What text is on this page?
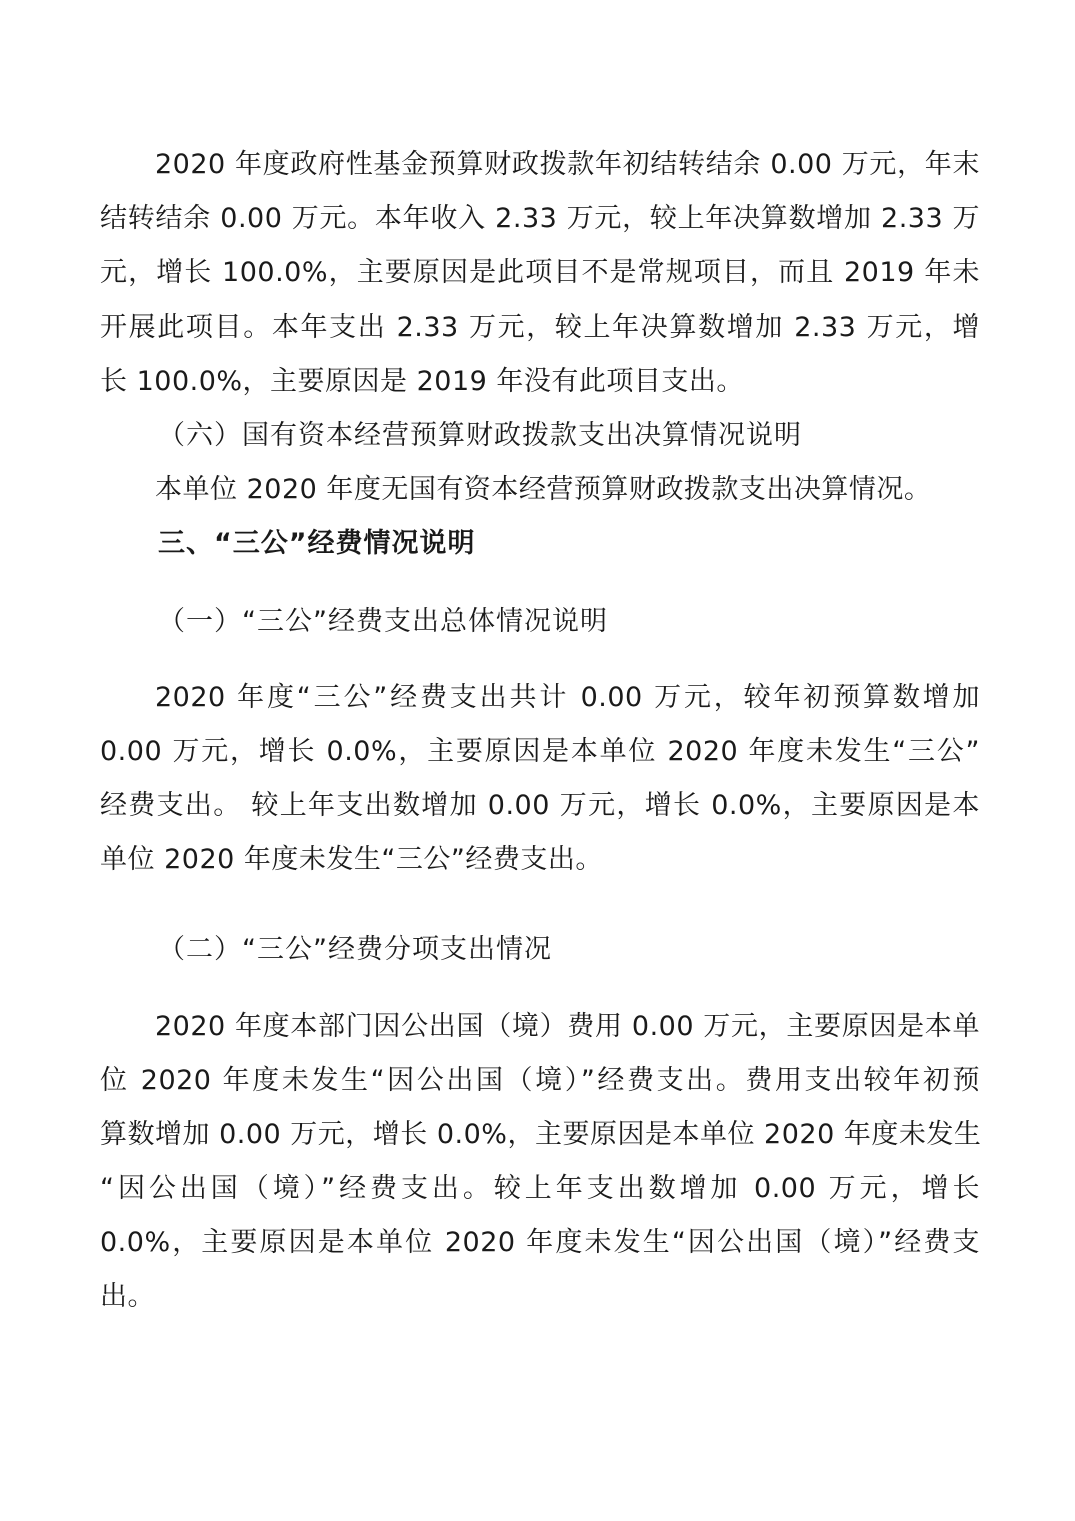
2020 年度政府性基金预算财政拨款年初结转结余 0.00 万元，年末
结转结余 0.00 万元。本年收入 2.33 万元，较上年决算数增加 2.33 万
元，增长 100.0%，主要原因是此项目不是常规项目，而且 2019 年未
开展此项目。本年支出 2.33 万元，较上年决算数增加 2.33 万元，增
长 100.0%，主要原因是 2019 年没有此项目支出。
（六）国有资本经营预算财政拨款支出决算情况说明
本单位 2020 年度无国有资本经营预算财政拨款支出决算情况。
三、“三公”经费情况说明
（一）“三公”经费支出总体情况说明
2020 年度“三公”经费支出共计 0.00 万元，较年初预算数增加
0.00 万元，增长 0.0%，主要原因是本单位 2020 年度未发生“三公”
经费支出。 较上年支出数增加 0.00 万元，增长 0.0%，主要原因是本
单位 2020 年度未发生“三公”经费支出。
（二）“三公”经费分项支出情况
2020 年度本部门因公出国（境）费用 0.00 万元，主要原因是本单
位 2020 年度未发生“因公出国（境）”经费支出。费用支出较年初预
算数增加 0.00 万元，增长 0.0%，主要原因是本单位 2020 年度未发生
“因公出国（境）”经费支出。较上年支出数增加 0.00 万元，增长
0.0%，主要原因是本单位 2020 年度未发生“因公出国（境）”经费支
出。
